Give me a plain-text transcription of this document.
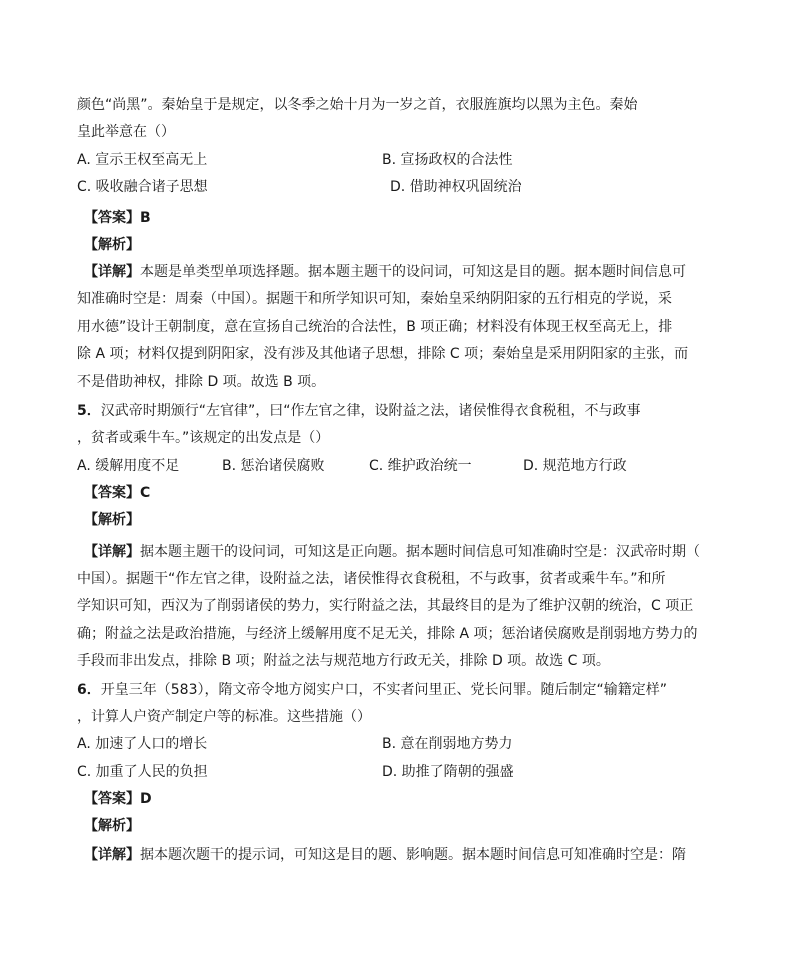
颜色“尚黑”。秦始皇于是规定，以冬季之始十月为一岁之首，衣服旌旗均以黑为主色。秦始
皇此举意在（）
A. 宣示王权至高无上	B. 宣扬政权的合法性
C. 吸收融合诸子思想	D. 借助神权巩固统治
【答案】B
【解析】
【详解】本题是单类型单项选择题。据本题主题干的设问词，可知这是目的题。据本题时间信息可
知准确时空是：周秦（中国）。据题干和所学知识可知，秦始皇采纳阴阳家的五行相克的学说，采
用水德”设计王朝制度，意在宣扬自己统治的合法性，B 项正确；材料没有体现王权至高无上，排
除 A 项；材料仅提到阴阳家，没有涉及其他诸子思想，排除 C 项；秦始皇是采用阴阳家的主张，而
不是借助神权，排除 D 项。故选 B 项。
5．汉武帝时期颁行“左官律”，曰“作左官之律，设附益之法，诸侯惟得衣食税租，不与政事
，贫者或乘牛车。”该规定的出发点是（）
A. 缓解用度不足	B. 惩治诸侯腐败	C. 维护政治统一	D. 规范地方行政
【答案】C
【解析】
【详解】据本题主题干的设问词，可知这是正向题。据本题时间信息可知准确时空是：汉武帝时期（
中国）。据题干“作左官之律，设附益之法，诸侯惟得衣食税租，不与政事，贫者或乘牛车。”和所
学知识可知，西汉为了削弱诸侯的势力，实行附益之法，其最终目的是为了维护汉朝的统治，C 项正
确；附益之法是政治措施，与经济上缓解用度不足无关，排除 A 项；惩治诸侯腐败是削弱地方势力的
手段而非出发点，排除 B 项；附益之法与规范地方行政无关，排除 D 项。故选 C 项。
6．开皇三年（583），隋文帝令地方阅实户口，不实者问里正、党长问罪。随后制定“输籍定样”
，计算人户资产制定户等的标准。这些措施（）
A. 加速了人口的增长	B. 意在削弱地方势力
C. 加重了人民的负担	D. 助推了隋朝的强盛
【答案】D
【解析】
【详解】据本题次题干的提示词，可知这是目的题、影响题。据本题时间信息可知准确时空是：隋
